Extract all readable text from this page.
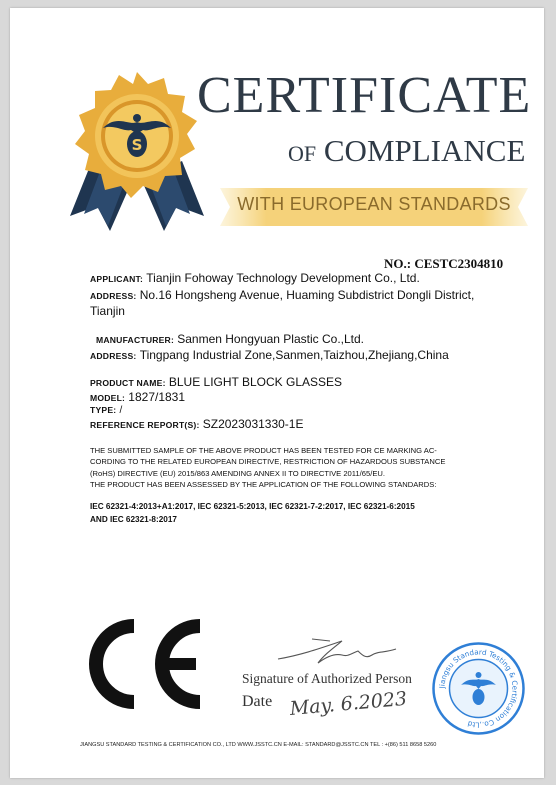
S
CERTIFICATE
OF COMPLIANCE
WITH EUROPEAN STANDARDS
NO.: CESTC2304810
APPLICANT: Tianjin Fohoway Technology Development Co., Ltd.
ADDRESS: No.16 Hongsheng Avenue, Huaming Subdistrict Dongli District,
Tianjin
MANUFACTURER: Sanmen Hongyuan Plastic Co.,Ltd.
ADDRESS: Tingpang Industrial Zone,Sanmen,Taizhou,Zhejiang,China
PRODUCT NAME: BLUE LIGHT BLOCK GLASSES
MODEL: 1827/1831
TYPE: /
REFERENCE REPORT(S): SZ2023031330-1E
THE SUBMITTED SAMPLE OF THE ABOVE PRODUCT HAS BEEN TESTED FOR CE MARKING AC-
CORDING TO THE RELATED EUROPEAN DIRECTIVE, RESTRICTION OF HAZARDOUS SUBSTANCE
(RoHS) DIRECTIVE (EU) 2015/863 AMENDING ANNEX II TO DIRECTIVE 2011/65/EU.
THE PRODUCT HAS BEEN ASSESSED BY THE APPLICATION OF THE FOLLOWING STANDARDS:
IEC 62321-4:2013+A1:2017, IEC 62321-5:2013, IEC 62321-7-2:2017, IEC 62321-6:2015
AND IEC 62321-8:2017
Signature of Authorized Person
Date May. 6.2023
Jiangsu Standard Testing & Certification Co.,Ltd
JIANGSU STANDARD TESTING & CERTIFICATION CO., LTD WWW.JSSTC.CN E-MAIL: STANDARD@JSSTC.CN TEL : +(86) 511 8658 5260
